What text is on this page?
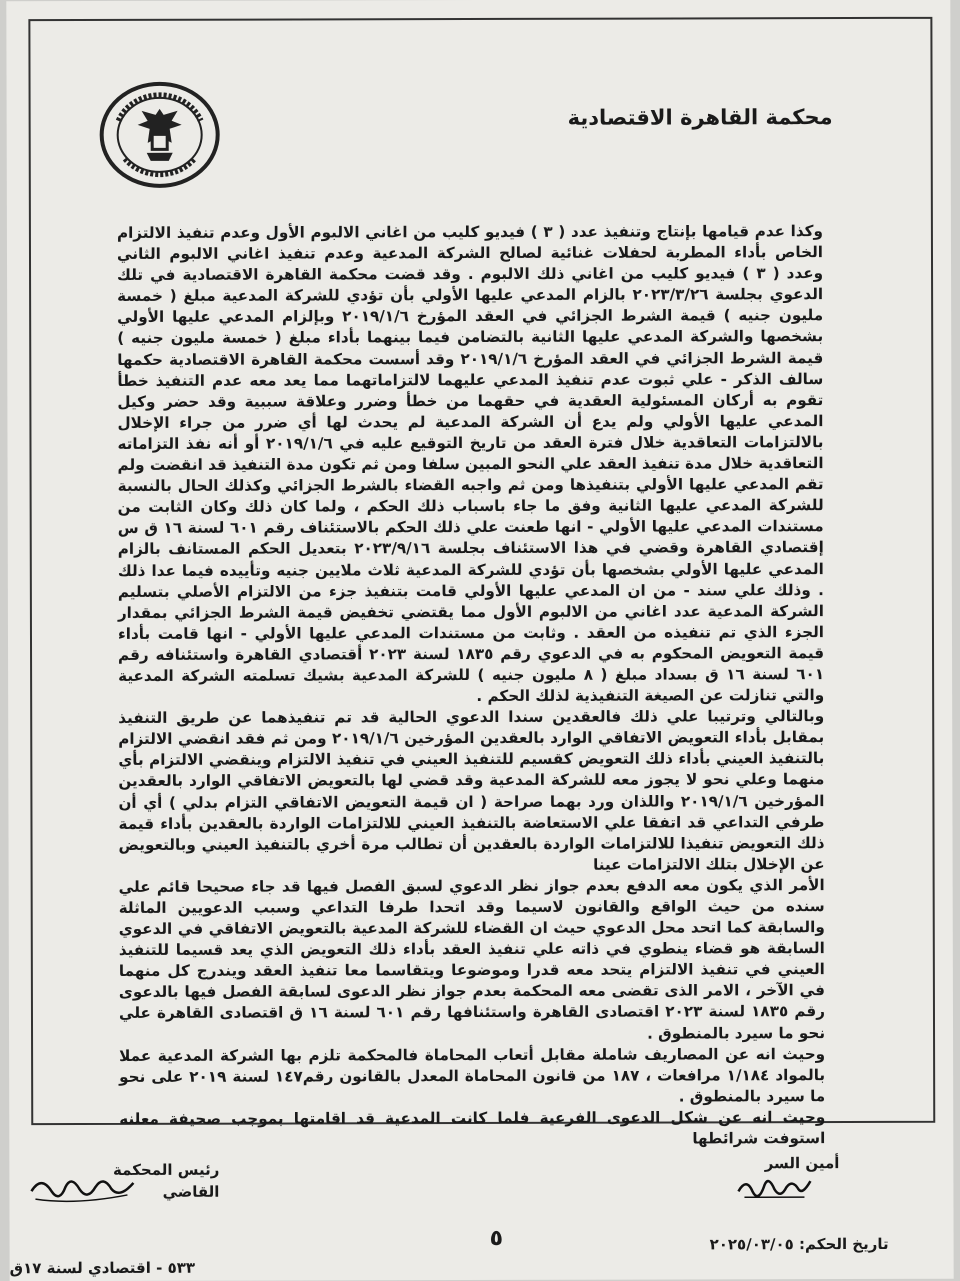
محكمة القاهرة الاقتصادية

وكذا عدم قيامها بإنتاج وتنفيذ عدد ( ٣ ) فيديو كليب من اغاني الالبوم الأول وعدم تنفيذ الالتزام الخاص بأداء المطربة لحفلات غنائية لصالح الشركة المدعية وعدم تنفيذ اغاني الالبوم الثاني وعدد ( ٣ ) فيديو كليب من اغاني ذلك الالبوم . وقد قضت محكمة القاهرة الاقتصادية في تلك الدعوي بجلسة ٢٠٢٣/٣/٢٦ بالزام المدعي عليها الأولي بأن تؤدي للشركة المدعية مبلغ ( خمسة مليون جنيه ) قيمة الشرط الجزائي في العقد المؤرخ ٢٠١٩/١/٦ وبإلزام المدعي عليها الأولي بشخصها والشركة المدعي عليها الثانية بالتضامن فيما بينهما بأداء مبلغ ( خمسة مليون جنيه ) قيمة الشرط الجزائي في العقد المؤرخ ٢٠١٩/١/٦ وقد أسست محكمة القاهرة الاقتصادية حكمها سالف الذكر - علي ثبوت عدم تنفيذ المدعي عليهما لالتزاماتهما مما يعد معه عدم التنفيذ خطأ تقوم به أركان المسئولية العقدية في حقهما من خطأ وضرر وعلاقة سببية وقد حضر وكيل المدعي عليها الأولي ولم يدع أن الشركة المدعية لم يحدث لها أي ضرر من جراء الإخلال بالالتزامات التعاقدية خلال فترة العقد من تاريخ التوقيع عليه في ٢٠١٩/١/٦ أو أنه نفذ التزاماته التعاقدية خلال مدة تنفيذ العقد علي النحو المبين سلفا ومن ثم تكون مدة التنفيذ قد انقضت ولم تقم المدعي عليها الأولي بتنفيذها ومن ثم واجبه القضاء بالشرط الجزائي وكذلك الحال بالنسبة للشركة المدعي عليها الثانية وفق ما جاء باسباب ذلك الحكم ، ولما كان ذلك وكان الثابت من مستندات المدعي عليها الأولي - انها طعنت علي ذلك الحكم بالاستئناف رقم ٦٠١ لسنة ١٦ ق س إقتصادي القاهرة وقضي في هذا الاستئناف بجلسة ٢٠٢٣/٩/١٦ بتعديل الحكم المستانف بالزام المدعي عليها الأولي بشخصها بأن تؤدي للشركة المدعية ثلاث ملايين جنيه وتأييده فيما عدا ذلك . وذلك علي سند - من ان المدعي عليها الأولي قامت بتنفيذ جزء من الالتزام الأصلي بتسليم الشركة المدعية عدد اغاني من الالبوم الأول مما يقتضي تخفيض قيمة الشرط الجزائي بمقدار الجزء الذي تم تنفيذه من العقد . وثابت من مستندات المدعي عليها الأولي - انها قامت بأداء قيمة التعويض المحكوم به في الدعوي رقم ١٨٣٥ لسنة ٢٠٢٣ أقتصادي القاهرة واستئنافه رقم ٦٠١ لسنة ١٦ ق بسداد مبلغ ( ٨ مليون جنيه ) للشركة المدعية بشيك تسلمته الشركة المدعية والتي تنازلت عن الصيغة التنفيذية لذلك الحكم .

وبالتالي وترتيبا علي ذلك فالعقدين سندا الدعوي الحالية قد تم تنفيذهما عن طريق التنفيذ بمقابل بأداء التعويض الاتفاقي الوارد بالعقدين المؤرخين ٢٠١٩/١/٦ ومن ثم فقد انقضي الالتزام بالتنفيذ العيني بأداء ذلك التعويض كقسيم للتنفيذ العيني في تنفيذ الالتزام وينقضي الالتزام بأي منهما وعلي نحو لا يجوز معه للشركة المدعية وقد قضي لها بالتعويض الاتفاقي الوارد بالعقدين المؤرخين ٢٠١٩/١/٦ واللذان ورد بهما صراحة ( ان قيمة التعويض الاتفاقي التزام بدلي ) أي أن طرفي التداعي قد اتفقا علي الاستعاضة بالتنفيذ العيني للالتزامات الواردة بالعقدين بأداء قيمة ذلك التعويض تنفيذا للالتزامات الواردة بالعقدين أن تطالب مرة أخري بالتنفيذ العيني وبالتعويض عن الإخلال بتلك الالتزامات عينا

الأمر الذي يكون معه الدفع بعدم جواز نظر الدعوي لسبق الفصل فيها قد جاء صحيحا قائم علي سنده من حيث الواقع والقانون لاسيما وقد اتحدا طرفا التداعي وسبب الدعويين الماثلة والسابقة كما اتحد محل الدعوي حيث ان القضاء للشركة المدعية بالتعويض الاتفاقي في الدعوي السابقة هو قضاء ينطوي في ذاته علي تنفيذ العقد بأداء ذلك التعويض الذي يعد قسيما للتنفيذ العيني في تنفيذ الالتزام يتحد معه قدرا وموضوعا ويتقاسما معا تنفيذ العقد ويندرج كل منهما في الآخر ، الامر الذى تقضى معه المحكمة بعدم جواز نظر الدعوى لسابقة الفصل فيها بالدعوى رقم ١٨٣٥ لسنة ٢٠٢٣ اقتصادى القاهرة واستئنافها رقم ٦٠١ لسنة ١٦ ق اقتصادى القاهرة علي نحو ما سيرد بالمنطوق .

وحيث انه عن المصاريف شاملة مقابل أتعاب المحاماة فالمحكمة تلزم بها الشركة المدعية عملا بالمواد ١/١٨٤ مرافعات ، ١٨٧ من قانون المحاماة المعدل بالقانون رقم١٤٧ لسنة ٢٠١٩ على نحو ما سيرد بالمنطوق .

وحيث انه عن شكل الدعوى الفرعية فلما كانت المدعية قد اقامتها بموجب صحيفة معلنه استوفت شرائطها

أمين السر
رئيس المحكمة
القاضي
٥	تاريخ الحكم: ٢٠٢٥/٠٣/٠٥
٥٣٣ - اقتصادي لسنة ١٧ق
